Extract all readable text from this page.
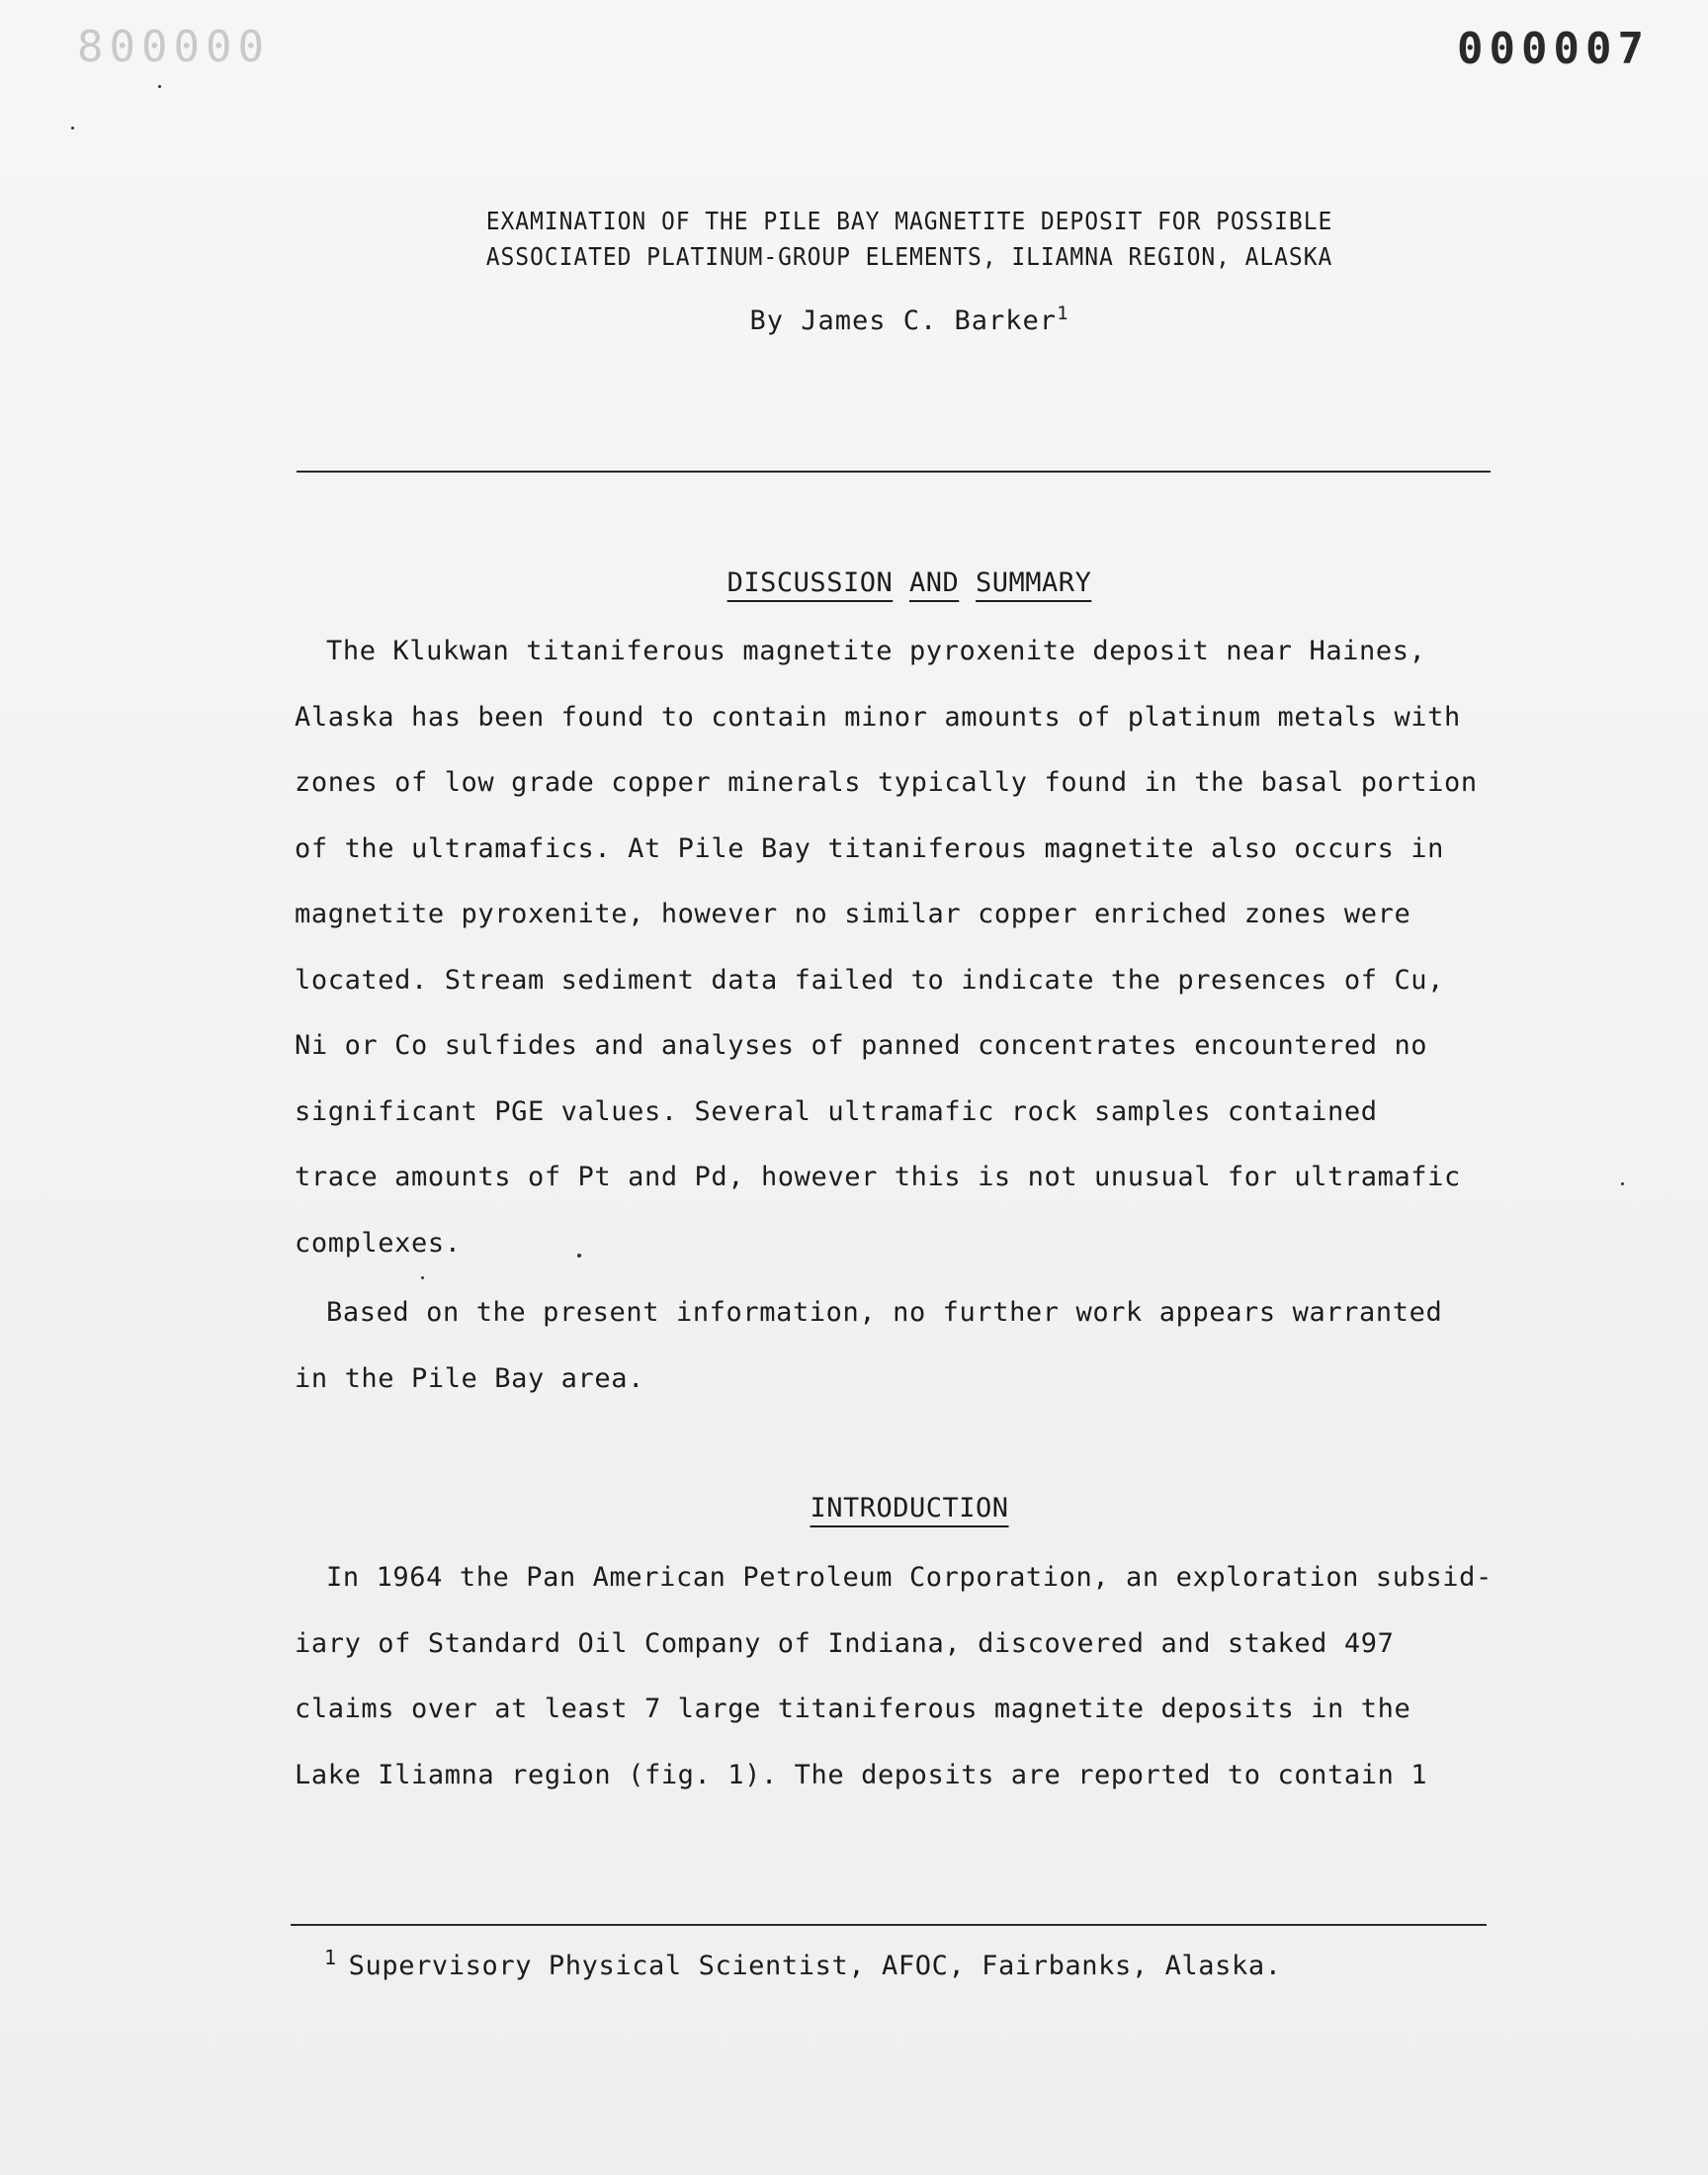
800000	000007
EXAMINATION OF THE PILE BAY MAGNETITE DEPOSIT FOR POSSIBLE
ASSOCIATED PLATINUM-GROUP ELEMENTS, ILIAMNA REGION, ALASKA
By James C. Barker$^1$
DISCUSSION AND SUMMARY
The Klukwan titaniferous magnetite pyroxenite deposit near Haines,
Alaska has been found to contain minor amounts of platinum metals with
zones of low grade copper minerals typically found in the basal portion
of the ultramafics. At Pile Bay titaniferous magnetite also occurs in
magnetite pyroxenite, however no similar copper enriched zones were
located. Stream sediment data failed to indicate the presences of Cu,
Ni or Co sulfides and analyses of panned concentrates encountered no
significant PGE values. Several ultramafic rock samples contained
trace amounts of Pt and Pd, however this is not unusual for ultramafic
complexes.
Based on the present information, no further work appears warranted
in the Pile Bay area.
INTRODUCTION
In 1964 the Pan American Petroleum Corporation, an exploration subsid-
iary of Standard Oil Company of Indiana, discovered and staked 497
claims over at least 7 large titaniferous magnetite deposits in the
Lake Iliamna region (fig. 1). The deposits are reported to contain 1
$^1$ Supervisory Physical Scientist, AFOC, Fairbanks, Alaska.
